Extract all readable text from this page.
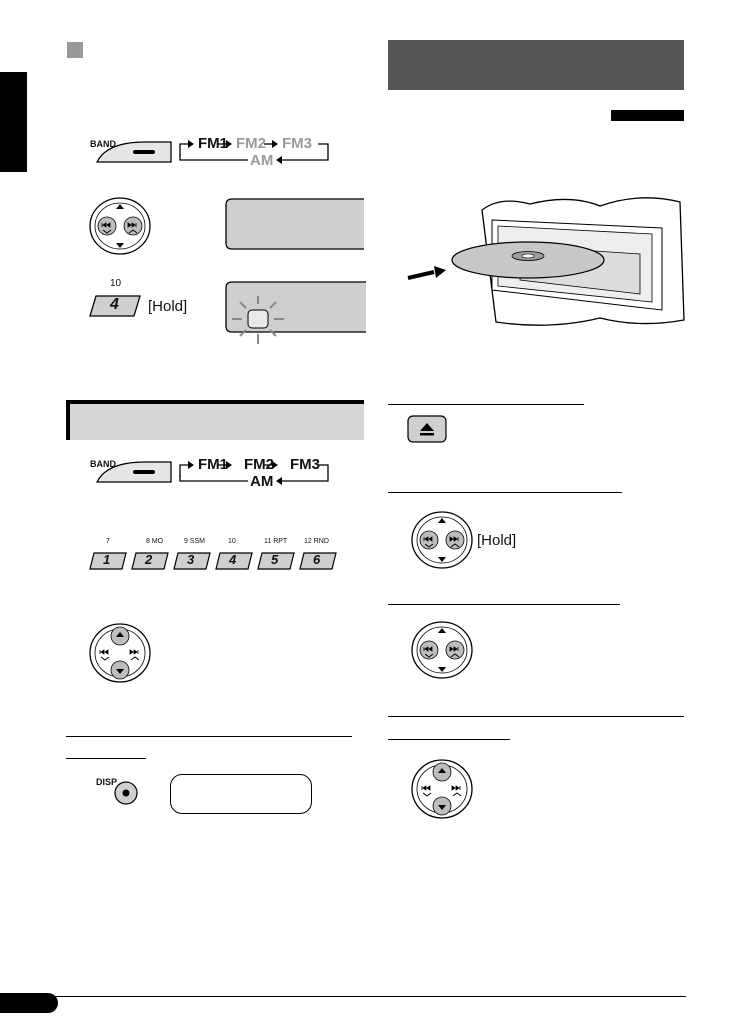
BAND	FM1 FM2 FM3
AM
10
4 [Hold]
BAND	FM1 FM2 FM3
AM
7	8 MO	9 SSM	10	11 RPT 12 RND
1	2	3	4	5	6
DISP
[Hold]
